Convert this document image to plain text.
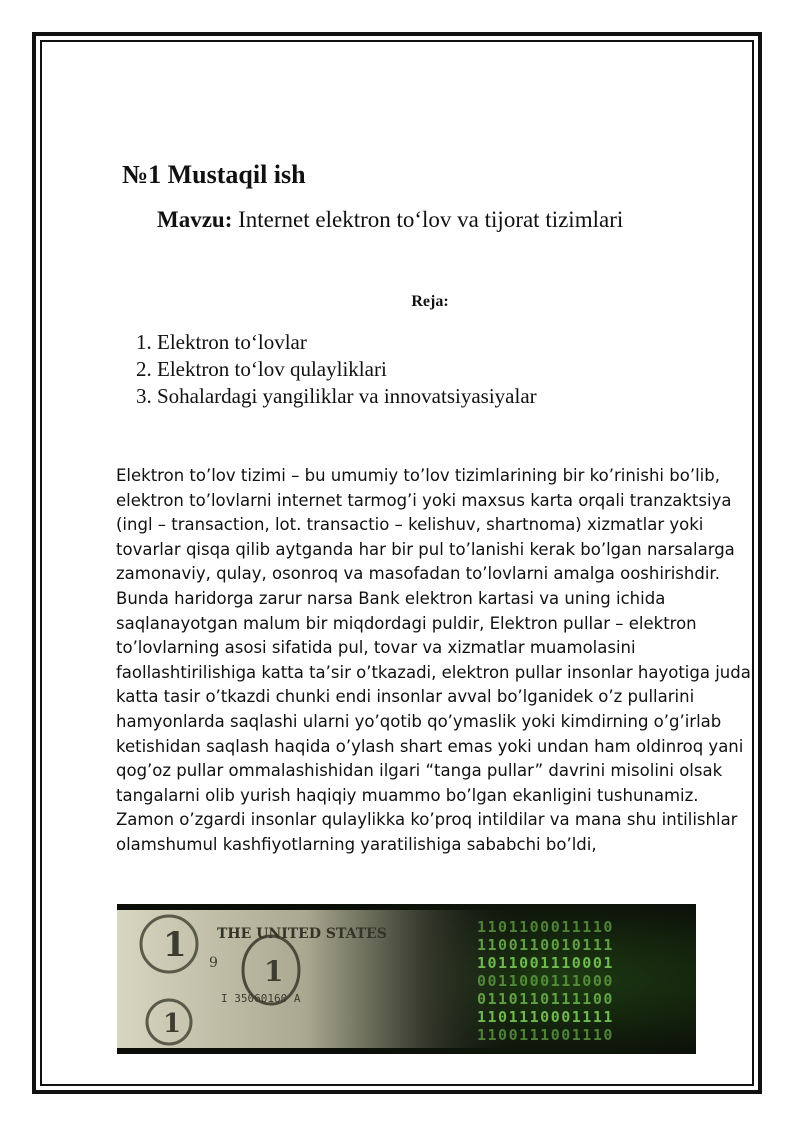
№1 Mustaqil ish
Mavzu: Internet elektron to‘lov va tijorat tizimlari
Reja:
1. Elektron to‘lovlar
2. Elektron to‘lov qulayliklari
3. Sohalardagi yangiliklar va innovatsiyasiyalar

Elektron to’lov tizimi – bu umumiy to’lov tizimlarining bir ko’rinishi bo’lib, elektron to’lovlarni internet tarmog’i yoki maxsus karta orqali tranzaktsiya (ingl – transaction, lot. transactio – kelishuv, shartnoma) xizmatlar yoki tovarlar qisqa qilib aytganda har bir pul to’lanishi kerak bo’lgan narsalarga zamonaviy, qulay, osonroq va masofadan to’lovlarni amalga ooshirishdir. Bunda haridorga zarur narsa Bank elektron kartasi va uning ichida saqlanayotgan malum bir miqdordagi puldir, Elektron pullar – elektron to’lovlarning asosi sifatida pul, tovar va xizmatlar muamolasini faollashtirilishiga katta ta’sir o’tkazadi, elektron pullar insonlar hayotiga juda katta tasir o’tkazdi chunki endi insonlar avval bo’lganidek o’z pullarini hamyonlarda saqlashi ularni yo’qotib qo’ymaslik yoki kimdirning o’g’irlab ketishidan saqlash haqida o’ylash shart emas yoki undan ham oldinroq yani qog’oz pullar ommalashishidan ilgari “tanga pullar” davrini misolini olsak tangalarni olib yurish haqiqiy muammo bo’lgan ekanligini tushunamiz.

Zamon o’zgardi insonlar qulaylikka ko’proq intildilar va mana shu intilishlar olamshumul kashfiyotlarning yaratilishiga sababchi bo’ldi,

1
1
1
9
THE UNITED STATES
I 35060160 A
1101100011110
1100110010111
1011001110001
0011000111000
0110110111100
1101110001111
1100111001110
